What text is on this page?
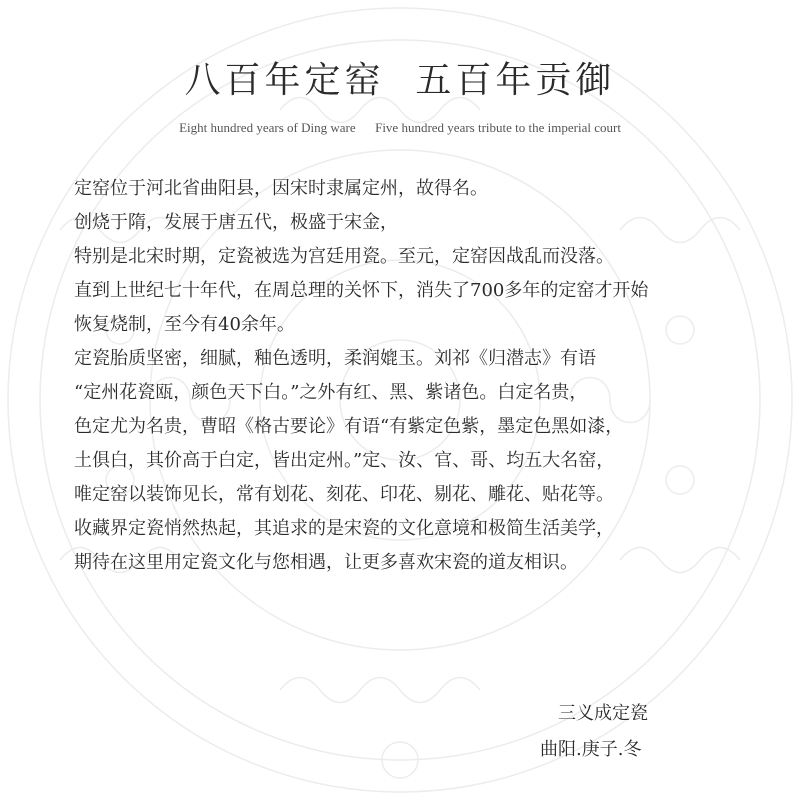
八百年定窑  五百年贡御
Eight hundred years of Ding ware      Five hundred years tribute to the imperial court
定窑位于河北省曲阳县，因宋时隶属定州，故得名。
创烧于隋，发展于唐五代，极盛于宋金，
特别是北宋时期，定瓷被选为宫廷用瓷。至元，定窑因战乱而没落。
直到上世纪七十年代，在周总理的关怀下，消失了700多年的定窑才开始
恢复烧制，至今有40余年。
定瓷胎质坚密，细腻，釉色透明，柔润媲玉。刘祁《归潜志》有语
“定州花瓷瓯，颜色天下白。”之外有红、黑、紫诸色。白定名贵，
色定尤为名贵，曹昭《格古要论》有语“有紫定色紫，墨定色黑如漆，
土俱白，其价高于白定，皆出定州。”定、汝、官、哥、均五大名窑，
唯定窑以装饰见长，常有划花、刻花、印花、剔花、雕花、贴花等。
收藏界定瓷悄然热起，其追求的是宋瓷的文化意境和极简生活美学，
期待在这里用定瓷文化与您相遇，让更多喜欢宋瓷的道友相识。
三义成定瓷
曲阳.庚子.冬
